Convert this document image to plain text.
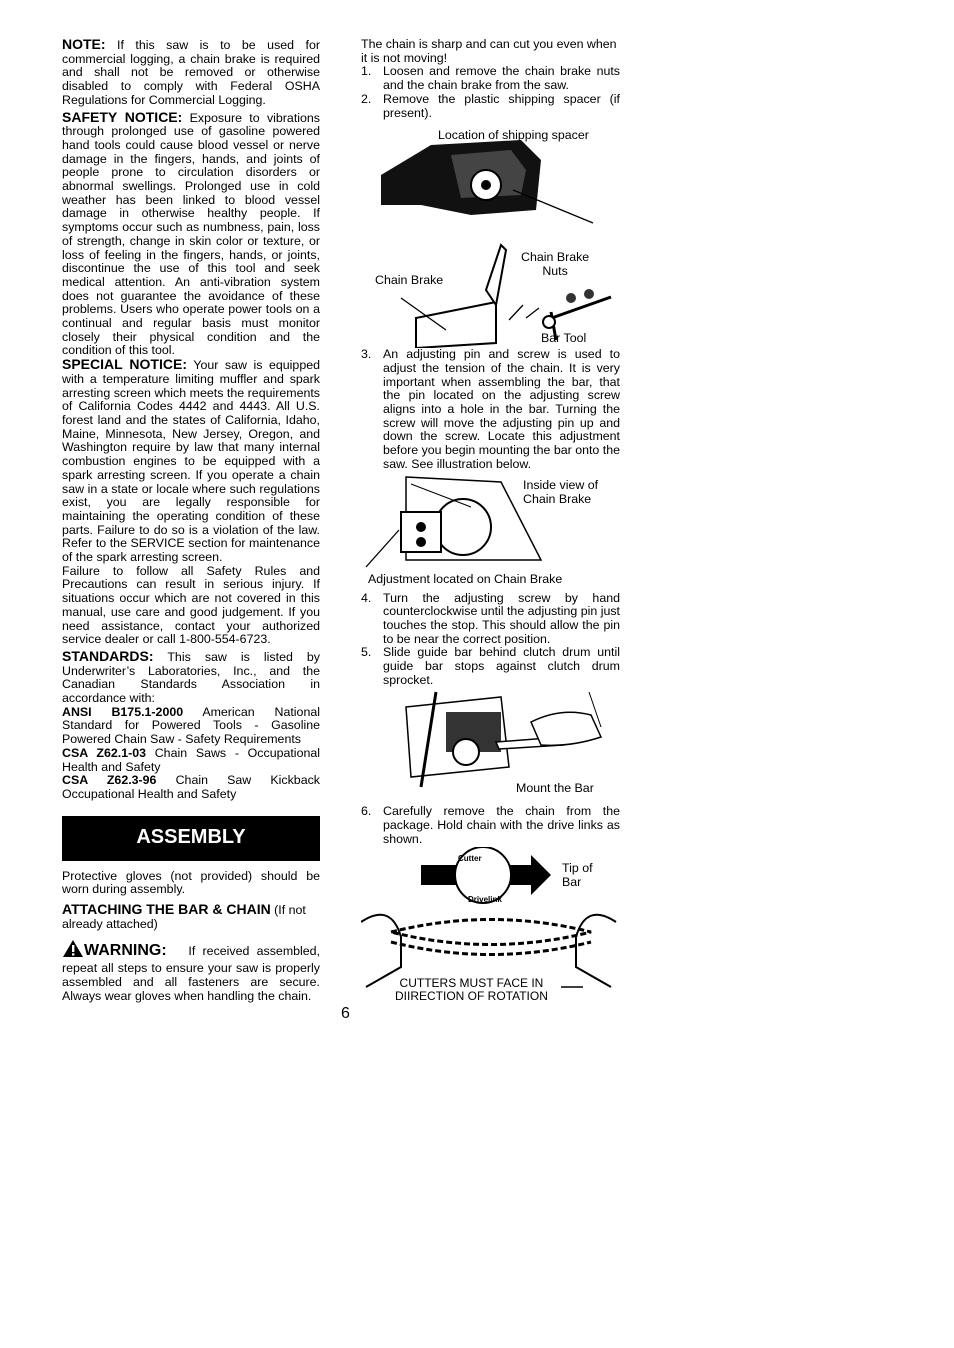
NOTE: If this saw is to be used for commercial logging, a chain brake is required and shall not be removed or otherwise disabled to comply with Federal OSHA Regulations for Commercial Logging.

SAFETY NOTICE: Exposure to vibrations through prolonged use of gasoline powered hand tools could cause blood vessel or nerve damage in the fingers, hands, and joints of people prone to circulation disorders or abnormal swellings. Prolonged use in cold weather has been linked to blood vessel damage in otherwise healthy people. If symptoms occur such as numbness, pain, loss of strength, change in skin color or texture, or loss of feeling in the fingers, hands, or joints, discontinue the use of this tool and seek medical attention. An anti-vibration system does not guarantee the avoidance of these problems. Users who operate power tools on a continual and regular basis must monitor closely their physical condition and the condition of this tool.

SPECIAL NOTICE: Your saw is equipped with a temperature limiting muffler and spark arresting screen which meets the requirements of California Codes 4442 and 4443. All U.S. forest land and the states of California, Idaho, Maine, Minnesota, New Jersey, Oregon, and Washington require by law that many internal combustion engines to be equipped with a spark arresting screen. If you operate a chain saw in a state or locale where such regulations exist, you are legally responsible for maintaining the operating condition of these parts. Failure to do so is a violation of the law. Refer to the SERVICE section for maintenance of the spark arresting screen.

Failure to follow all Safety Rules and Precautions can result in serious injury. If situations occur which are not covered in this manual, use care and good judgement. If you need assistance, contact your authorized service dealer or call 1-800-554-6723.

STANDARDS: This saw is listed by Underwriter’s Laboratories, Inc., and the Canadian Standards Association in accordance with:

ANSI B175.1-2000 American National Standard for Powered Tools - Gasoline Powered Chain Saw - Safety Requirements

CSA Z62.1-03 Chain Saws - Occupational Health and Safety

CSA Z62.3-96 Chain Saw Kickback Occupational Health and Safety

ASSEMBLY

Protective gloves (not provided) should be worn during assembly.

ATTACHING THE BAR & CHAIN (If not already attached)

WARNING: If received assembled, repeat all steps to ensure your saw is properly assembled and all fasteners are secure. Always wear gloves when handling the chain.

The chain is sharp and can cut you even when it is not moving!

1. Loosen and remove the chain brake nuts and the chain brake from the saw.
2. Remove the plastic shipping spacer (if present).
Location of shipping spacer
Chain Brake
Nuts
Chain Brake
Bar Tool
3. An adjusting pin and screw is used to adjust the tension of the chain. It is very important when assembling the bar, that the pin located on the adjusting screw aligns into a hole in the bar. Turning the screw will move the adjusting pin up and down the screw. Locate this adjustment before you begin mounting the bar onto the saw. See illustration below.
Inside view of
Chain Brake
Adjustment located on Chain Brake
4. Turn the adjusting screw by hand counterclockwise until the adjusting pin just touches the stop. This should allow the pin to be near the correct position.
5. Slide guide bar behind clutch drum until guide bar stops against clutch drum sprocket.
Mount the Bar
6. Carefully remove the chain from the package. Hold chain with the drive links as shown.
Cutter
Drivelink
Tip of
Bar
CUTTERS MUST FACE IN
DIIRECTION OF ROTATION
6
